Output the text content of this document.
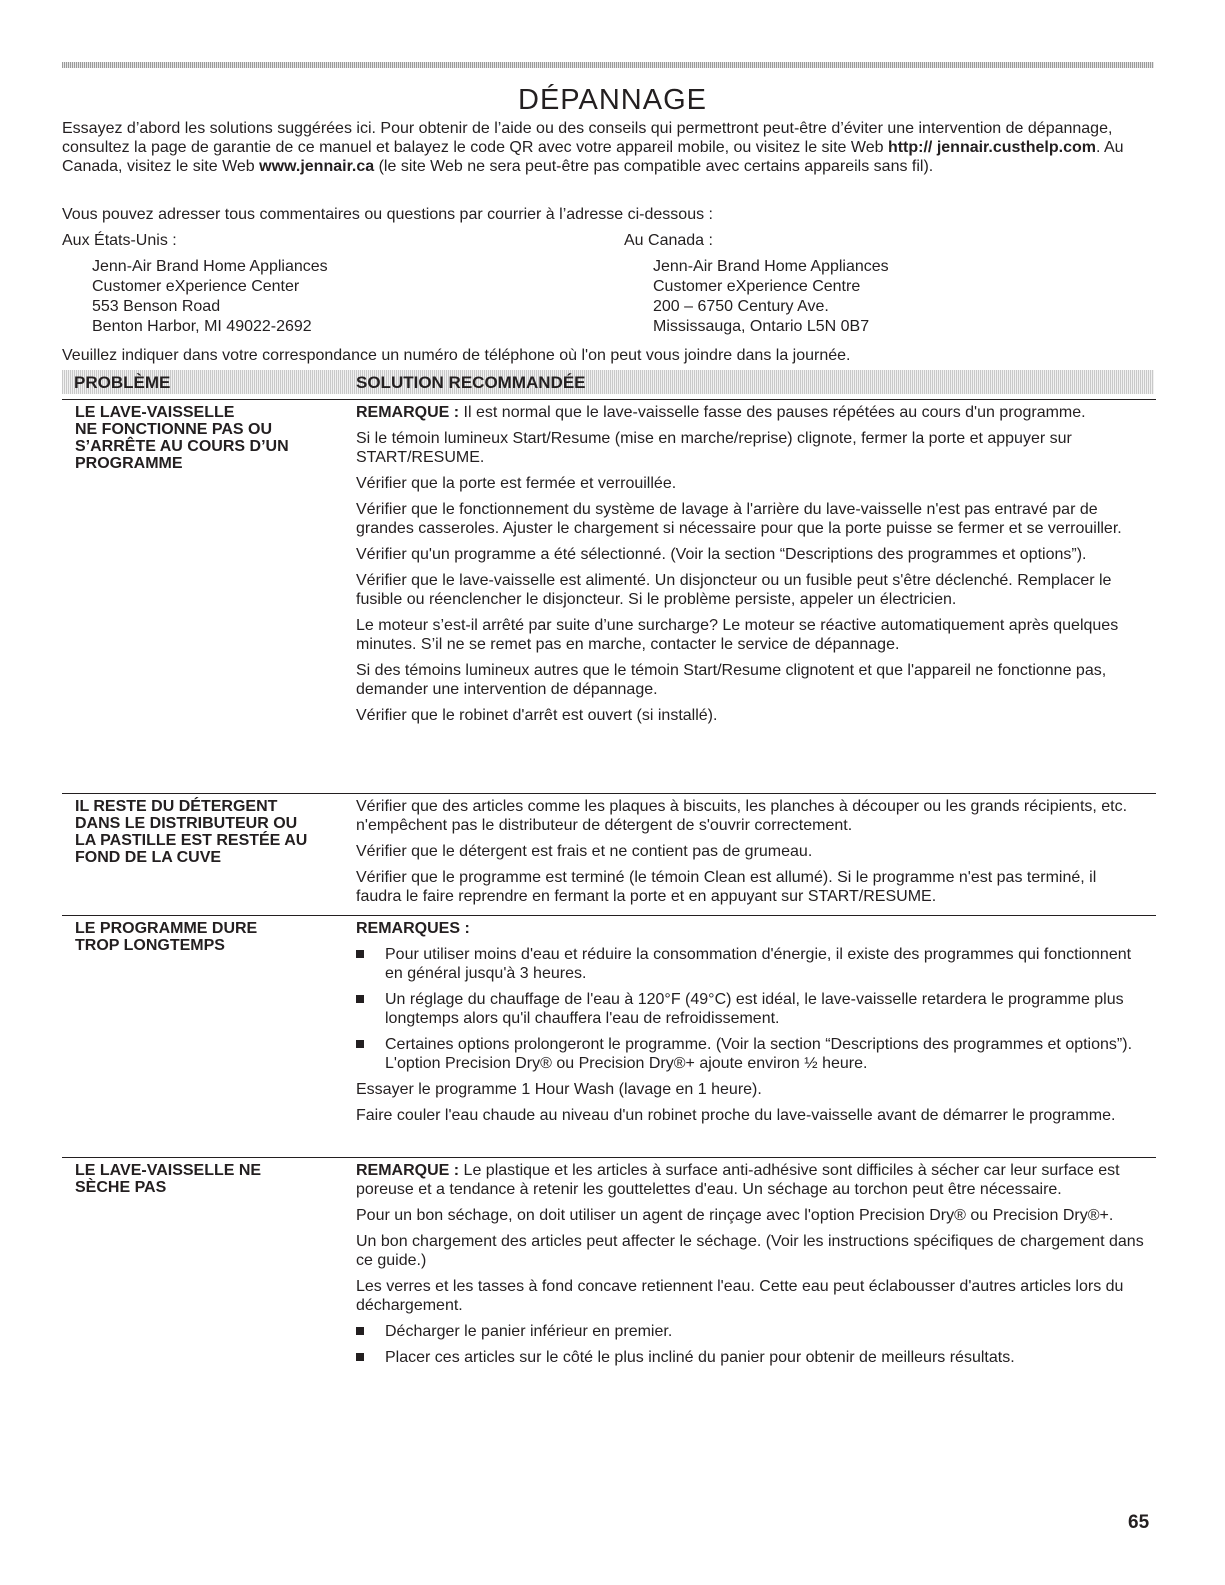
DÉPANNAGE

Essayez d’abord les solutions suggérées ici. Pour obtenir de l’aide ou des conseils qui permettront peut-être d’éviter une intervention de dépannage, consultez la page de garantie de ce manuel et balayez le code QR avec votre appareil mobile, ou visitez le site Web http:// jennair.custhelp.com. Au Canada, visitez le site Web www.jennair.ca (le site Web ne sera peut-être pas compatible avec certains appareils sans fil).

Vous pouvez adresser tous commentaires ou questions par courrier à l’adresse ci-dessous :

Aux États-Unis :	Au Canada :

Jenn-Air Brand Home Appliances
Customer eXperience Center
553 Benson Road
Benton Harbor, MI 49022-2692
Jenn-Air Brand Home Appliances
Customer eXperience Centre
200 – 6750 Century Ave.
Mississauga, Ontario L5N 0B7

Veuillez indiquer dans votre correspondance un numéro de téléphone où l'on peut vous joindre dans la journée.

PROBLÈME	SOLUTION RECOMMANDÉE
LE LAVE-VAISSELLE
NE FONCTIONNE PAS OU
S’ARRÊTE AU COURS D’UN
PROGRAMME

REMARQUE : Il est normal que le lave-vaisselle fasse des pauses répétées au cours d'un programme.

Si le témoin lumineux Start/Resume (mise en marche/reprise) clignote, fermer la porte et appuyer sur START/RESUME.

Vérifier que la porte est fermée et verrouillée.

Vérifier que le fonctionnement du système de lavage à l'arrière du lave-vaisselle n'est pas entravé par de grandes casseroles. Ajuster le chargement si nécessaire pour que la porte puisse se fermer et se verrouiller.

Vérifier qu'un programme a été sélectionné. (Voir la section “Descriptions des programmes et options”).

Vérifier que le lave-vaisselle est alimenté. Un disjoncteur ou un fusible peut s'être déclenché. Remplacer le fusible ou réenclencher le disjoncteur. Si le problème persiste, appeler un électricien.

Le moteur s’est-il arrêté par suite d’une surcharge? Le moteur se réactive automatiquement après quelques minutes. S’il ne se remet pas en marche, contacter le service de dépannage.

Si des témoins lumineux autres que le témoin Start/Resume clignotent et que l'appareil ne fonctionne pas, demander une intervention de dépannage.

Vérifier que le robinet d'arrêt est ouvert (si installé).

IL RESTE DU DÉTERGENT
DANS LE DISTRIBUTEUR OU
LA PASTILLE EST RESTÉE AU
FOND DE LA CUVE

Vérifier que des articles comme les plaques à biscuits, les planches à découper ou les grands récipients, etc. n'empêchent pas le distributeur de détergent de s'ouvrir correctement.

Vérifier que le détergent est frais et ne contient pas de grumeau.

Vérifier que le programme est terminé (le témoin Clean est allumé). Si le programme n'est pas terminé, il faudra le faire reprendre en fermant la porte et en appuyant sur START/RESUME.

LE PROGRAMME DURE
TROP LONGTEMPS

REMARQUES :

Pour utiliser moins d'eau et réduire la consommation d'énergie, il existe des programmes qui fonctionnent en général jusqu'à 3 heures.
Un réglage du chauffage de l'eau à 120°F (49°C) est idéal, le lave-vaisselle retardera le programme plus longtemps alors qu'il chauffera l'eau de refroidissement.
Certaines options prolongeront le programme. (Voir la section “Descriptions des programmes et options”). L'option Precision Dry® ou Precision Dry®+ ajoute environ ½ heure.

Essayer le programme 1 Hour Wash (lavage en 1 heure).

Faire couler l'eau chaude au niveau d'un robinet proche du lave-vaisselle avant de démarrer le programme.

LE LAVE-VAISSELLE NE
SÈCHE PAS

REMARQUE : Le plastique et les articles à surface anti-adhésive sont difficiles à sécher car leur surface est poreuse et a tendance à retenir les gouttelettes d'eau. Un séchage au torchon peut être nécessaire.

Pour un bon séchage, on doit utiliser un agent de rinçage avec l'option Precision Dry® ou Precision Dry®+.

Un bon chargement des articles peut affecter le séchage. (Voir les instructions spécifiques de chargement dans ce guide.)

Les verres et les tasses à fond concave retiennent l'eau. Cette eau peut éclabousser d'autres articles lors du déchargement.

Décharger le panier inférieur en premier.
Placer ces articles sur le côté le plus incliné du panier pour obtenir de meilleurs résultats.
65
